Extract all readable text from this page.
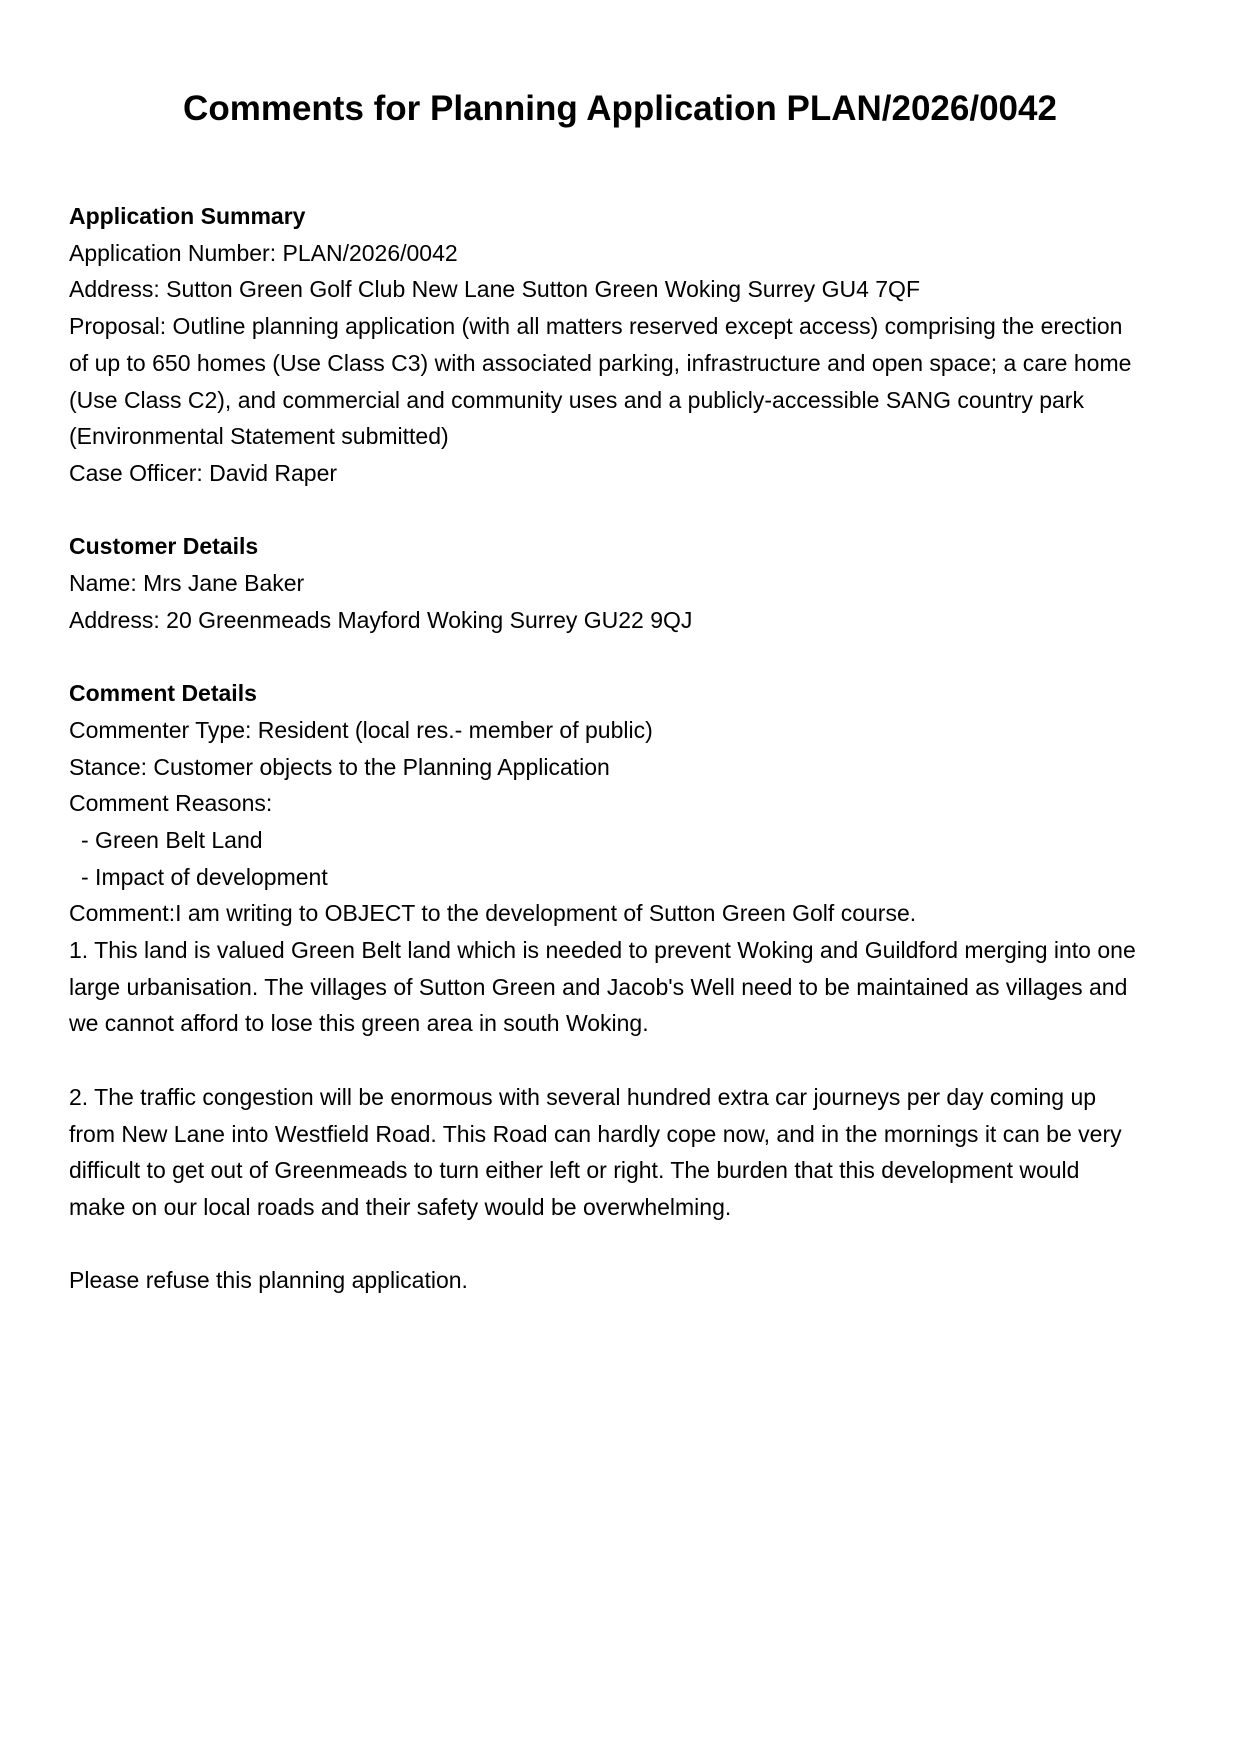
Comments for Planning Application PLAN/2026/0042
Application Summary

Application Number: PLAN/2026/0042

Address: Sutton Green Golf Club New Lane Sutton Green Woking Surrey GU4 7QF

Proposal: Outline planning application (with all matters reserved except access) comprising the erection of up to 650 homes (Use Class C3) with associated parking, infrastructure and open space; a care home (Use Class C2), and commercial and community uses and a publicly-accessible SANG country park (Environmental Statement submitted)

Case Officer: David Raper

Customer Details

Name: Mrs Jane Baker

Address: 20 Greenmeads Mayford Woking Surrey GU22 9QJ

Comment Details

Commenter Type: Resident (local res.- member of public)

Stance: Customer objects to the Planning Application

Comment Reasons:

- Green Belt Land

- Impact of development

Comment:I am writing to OBJECT to the development of Sutton Green Golf course.

1. This land is valued Green Belt land which is needed to prevent Woking and Guildford merging into one large urbanisation. The villages of Sutton Green and Jacob's Well need to be maintained as villages and we cannot afford to lose this green area in south Woking.

2. The traffic congestion will be enormous with several hundred extra car journeys per day coming up from New Lane into Westfield Road. This Road can hardly cope now, and in the mornings it can be very difficult to get out of Greenmeads to turn either left or right. The burden that this development would make on our local roads and their safety would be overwhelming.

Please refuse this planning application.
